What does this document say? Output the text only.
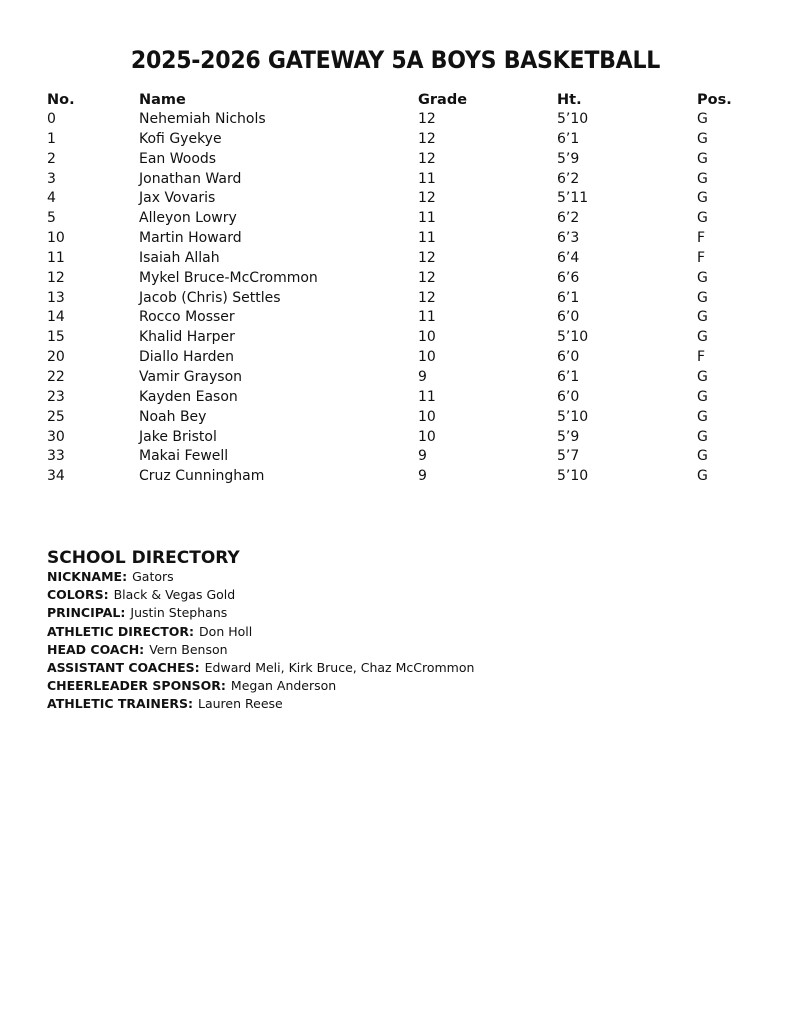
2025-2026 GATEWAY 5A BOYS BASKETBALL
No.	Name	Grade	Ht.	Pos.
0	Nehemiah Nichols	12	5’10	G
1	Kofi Gyekye	12	6’1	G
2	Ean Woods	12	5’9	G
3	Jonathan Ward	11	6’2	G
4	Jax Vovaris	12	5’11	G
5	Alleyon Lowry	11	6’2	G
10	Martin Howard	11	6’3	F
11	Isaiah Allah	12	6’4	F
12	Mykel Bruce-McCrommon	12	6’6	G
13	Jacob (Chris) Settles	12	6’1	G
14	Rocco Mosser	11	6’0	G
15	Khalid Harper	10	5’10	G
20	Diallo Harden	10	6’0	F
22	Vamir Grayson	9	6’1	G
23	Kayden Eason	11	6’0	G
25	Noah Bey	10	5’10	G
30	Jake Bristol	10	5’9	G
33	Makai Fewell	9	5’7	G
34	Cruz Cunningham	9	5’10	G
SCHOOL DIRECTORY
NICKNAME: Gators
COLORS: Black & Vegas Gold
PRINCIPAL: Justin Stephans
ATHLETIC DIRECTOR: Don Holl
HEAD COACH: Vern Benson
ASSISTANT COACHES: Edward Meli, Kirk Bruce, Chaz McCrommon
CHEERLEADER SPONSOR: Megan Anderson
ATHLETIC TRAINERS: Lauren Reese
